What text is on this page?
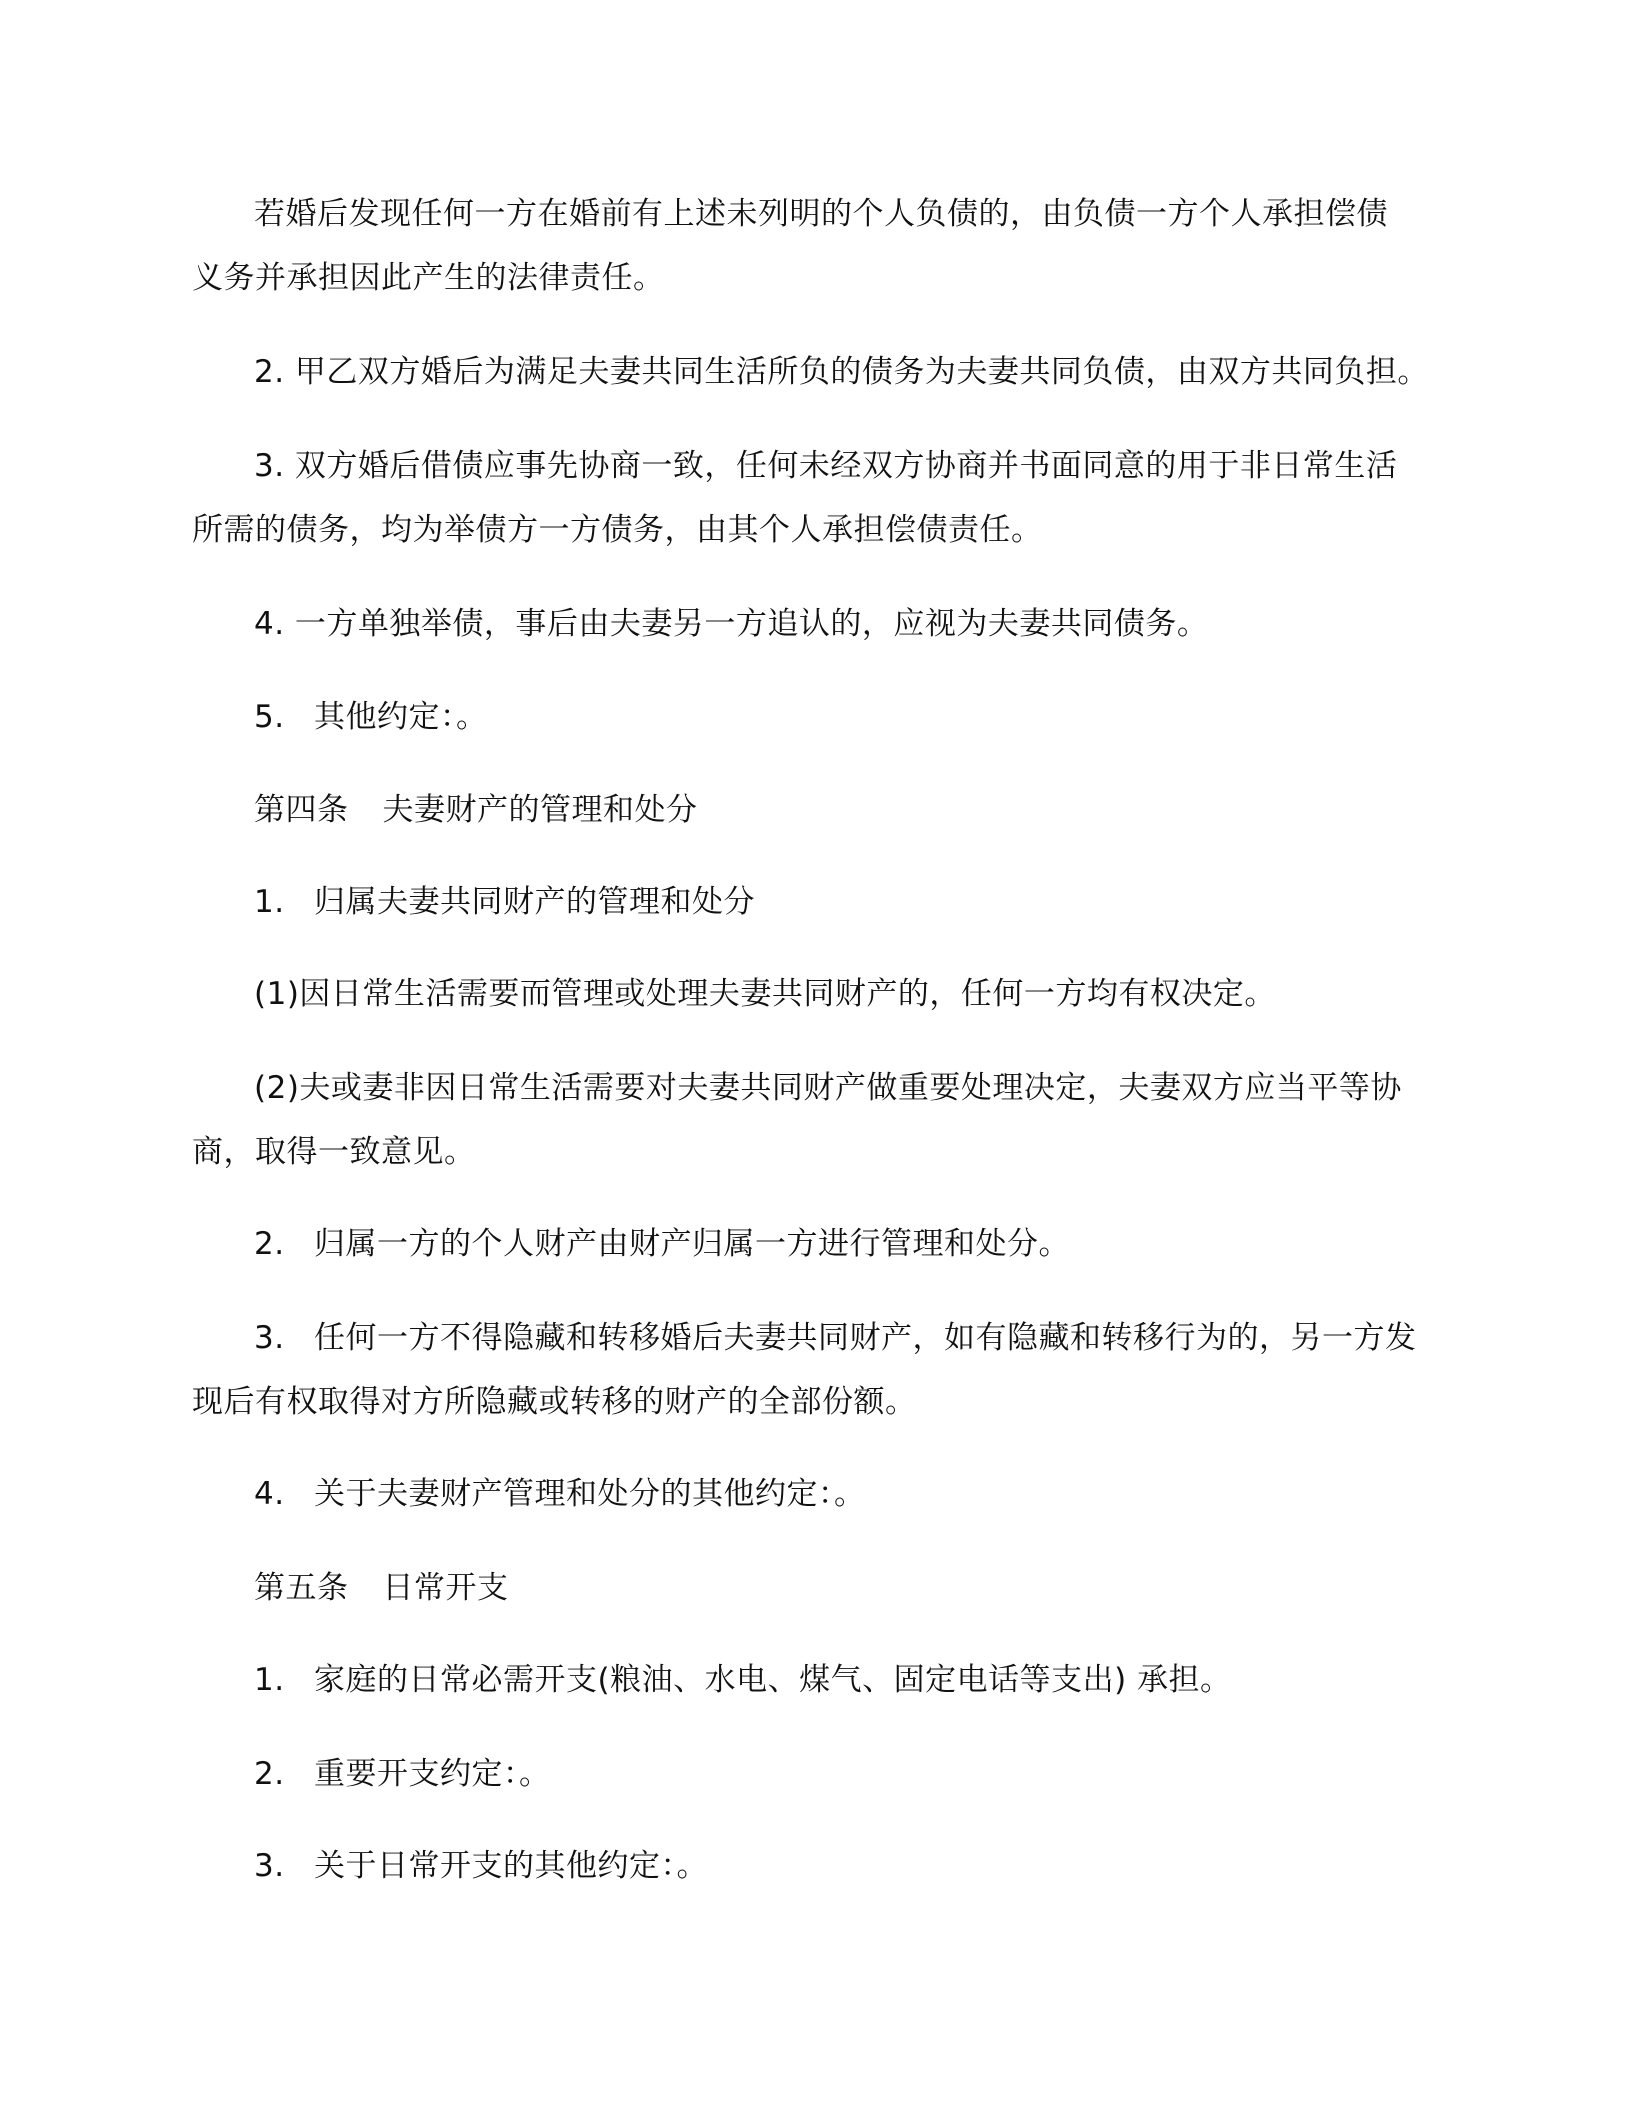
若婚后发现任何一方在婚前有上述未列明的个人负债的，由负债一方个人承担偿债
义务并承担因此产生的法律责任。
2. 甲乙双方婚后为满足夫妻共同生活所负的债务为夫妻共同负债，由双方共同负担。
3. 双方婚后借债应事先协商一致，任何未经双方协商并书面同意的用于非日常生活
所需的债务，均为举债方一方债务，由其个人承担偿债责任。
4. 一方单独举债，事后由夫妻另一方追认的，应视为夫妻共同债务。
5. 其他约定：。
第四条 夫妻财产的管理和处分
1. 归属夫妻共同财产的管理和处分
(1)因日常生活需要而管理或处理夫妻共同财产的，任何一方均有权决定。
(2)夫或妻非因日常生活需要对夫妻共同财产做重要处理决定，夫妻双方应当平等协
商，取得一致意见。
2. 归属一方的个人财产由财产归属一方进行管理和处分。
3. 任何一方不得隐藏和转移婚后夫妻共同财产，如有隐藏和转移行为的，另一方发
现后有权取得对方所隐藏或转移的财产的全部份额。
4. 关于夫妻财产管理和处分的其他约定：。
第五条 日常开支
1. 家庭的日常必需开支(粮油、水电、煤气、固定电话等支出) 承担。
2. 重要开支约定：。
3. 关于日常开支的其他约定：。
